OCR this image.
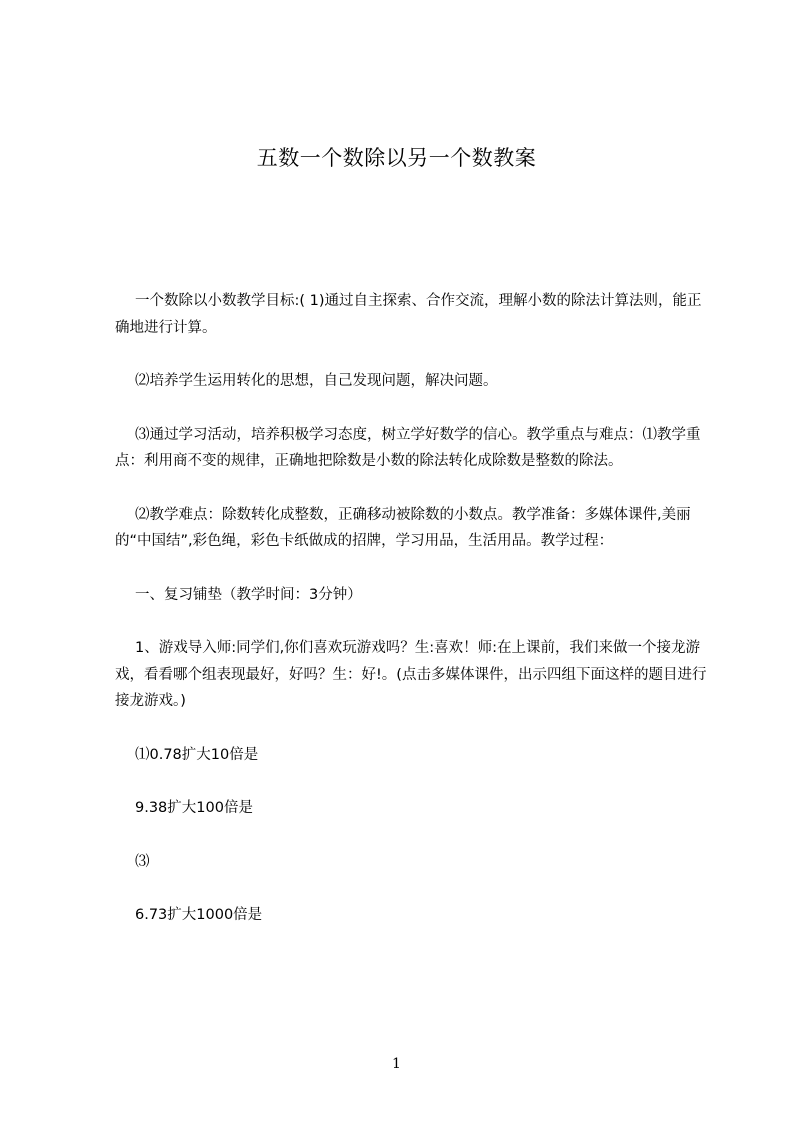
五数一个数除以另一个数教案

一个数除以小数教学目标:( 1)通过自主探索、合作交流，理解小数的除法计算法则，能正确地进行计算。

⑵培养学生运用转化的思想，自己发现问题，解决问题。

⑶通过学习活动，培养积极学习态度，树立学好数学的信心。教学重点与难点：⑴教学重点：利用商不变的规律，正确地把除数是小数的除法转化成除数是整数的除法。

⑵教学难点：除数转化成整数，正确移动被除数的小数点。教学准备：多媒体课件,美丽的“中国结”,彩色绳，彩色卡纸做成的招牌，学习用品，生活用品。教学过程：

一、复习铺垫（教学时间：3分钟）

1、游戏导入师:同学们,你们喜欢玩游戏吗？生:喜欢！师:在上课前，我们来做一个接龙游戏，看看哪个组表现最好，好吗？生：好!。(点击多媒体课件，出示四组下面这样的题目进行接龙游戏。)

⑴0.78扩大10倍是

9.38扩大100倍是

⑶

6.73扩大1000倍是

1
